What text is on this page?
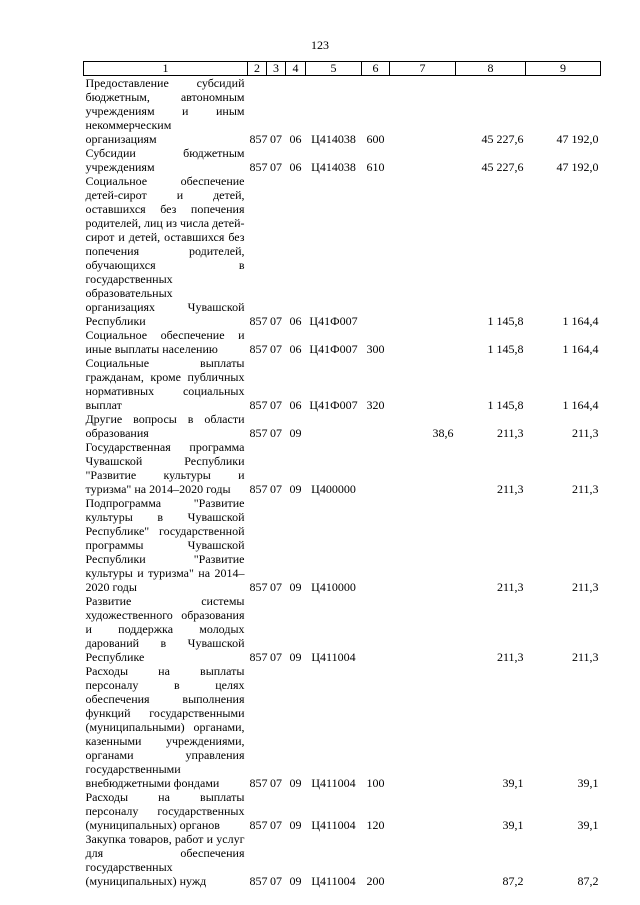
123
1	2	3	4	5	6	7	8	9
Предоставление субсидий бюджетным, автономным учреждениям и иным некоммерческим организациям	857	07	06	Ц414038	600		45 227,6	47 192,0
Субсидии бюджетным учреждениям	857	07	06	Ц414038	610		45 227,6	47 192,0
Социальное обеспечение детей-сирот и детей, оставшихся без попечения родителей, лиц из числа детей-сирот и детей, оставшихся без попечения родителей, обучающихся в государственных образовательных организациях Чувашской Республики	857	07	06	Ц41Ф007			1 145,8	1 164,4
Социальное обеспечение и иные выплаты населению	857	07	06	Ц41Ф007	300		1 145,8	1 164,4
Социальные выплаты гражданам, кроме публичных нормативных социальных выплат	857	07	06	Ц41Ф007	320		1 145,8	1 164,4
Другие вопросы в области образования	857	07	09			38,6	211,3	211,3
Государственная программа Чувашской Республики "Развитие культуры и туризма" на 2014–2020 годы	857	07	09	Ц400000			211,3	211,3
Подпрограмма "Развитие культуры в Чувашской Республике" государственной программы Чувашской Республики "Развитие культуры и туризма" на 2014–2020 годы	857	07	09	Ц410000			211,3	211,3
Развитие системы художественного образования и поддержка молодых дарований в Чувашской Республике	857	07	09	Ц411004			211,3	211,3
Расходы на выплаты персоналу в целях обеспечения выполнения функций государственными (муниципальными) органами, казенными учреждениями, органами управления государственными внебюджетными фондами	857	07	09	Ц411004	100		39,1	39,1
Расходы на выплаты персоналу государственных (муниципальных) органов	857	07	09	Ц411004	120		39,1	39,1
Закупка товаров, работ и услуг для обеспечения государственных (муниципальных) нужд	857	07	09	Ц411004	200		87,2	87,2
